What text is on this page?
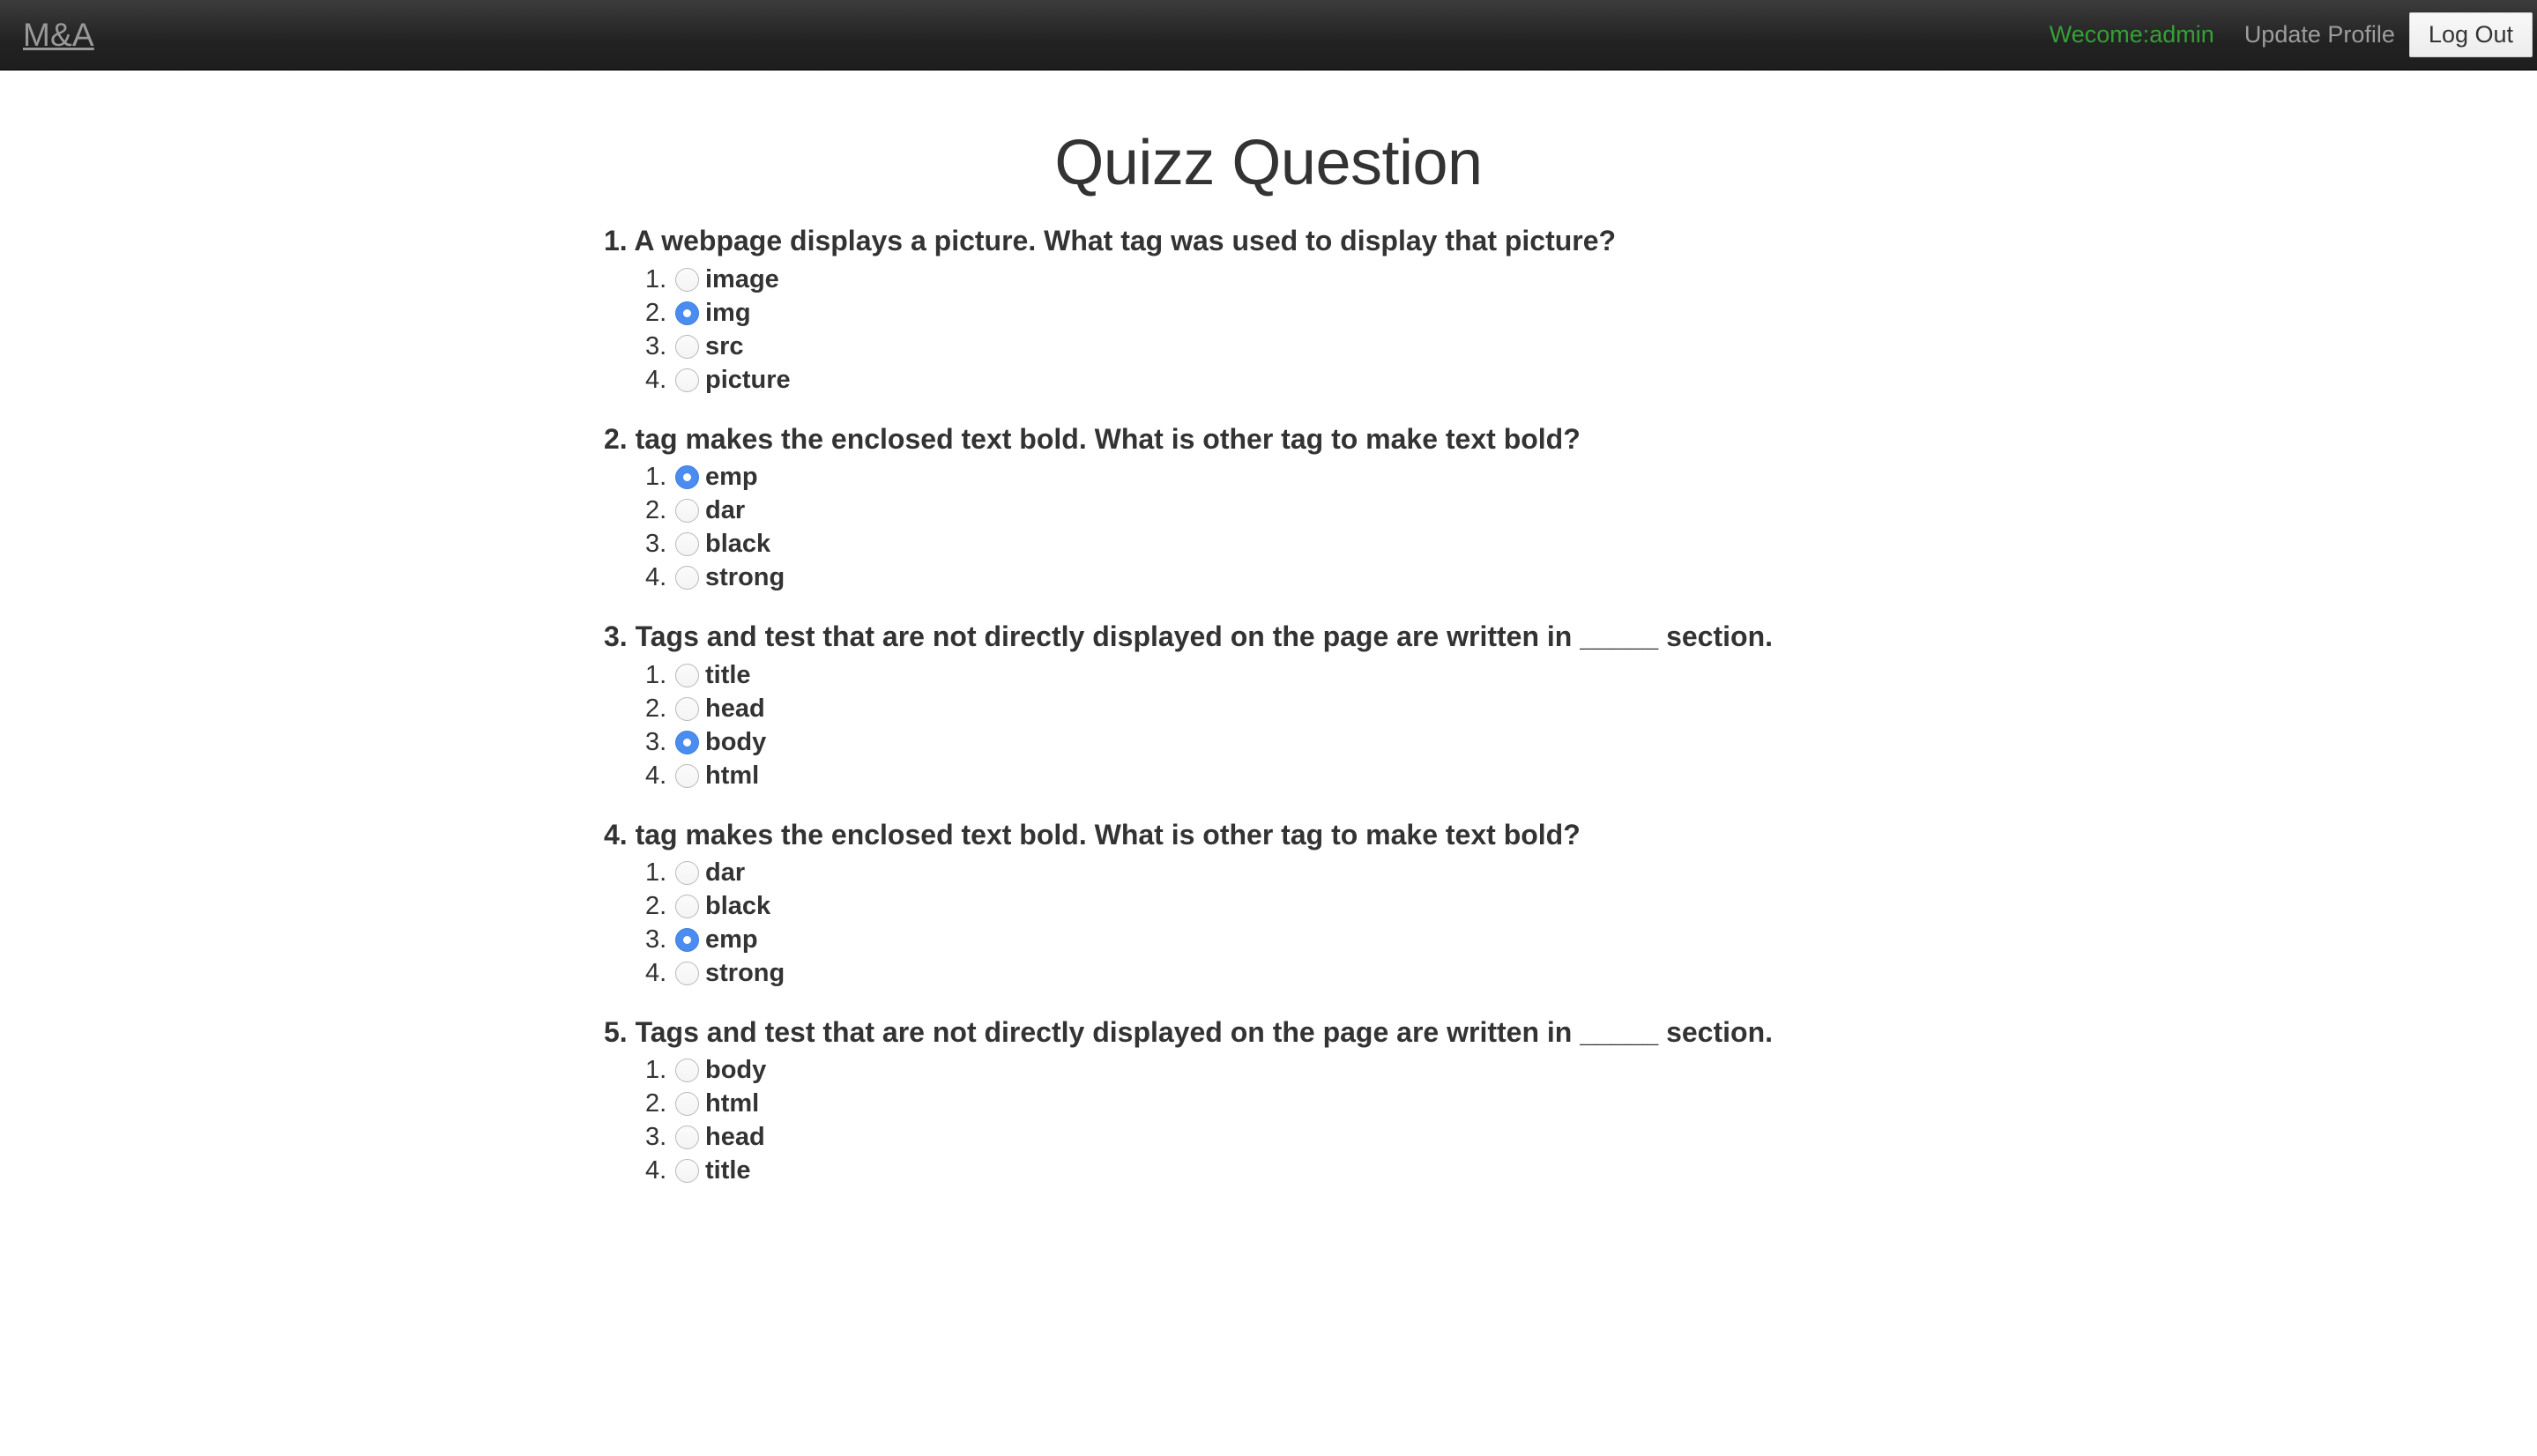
M&A	Wecome:admin	Update Profile	Log Out
Quizz Question
1. A webpage displays a picture. What tag was used to display that picture?
1.	image
2.	img
3.	src
4.	picture
2. tag makes the enclosed text bold. What is other tag to make text bold?
1.	emp
2.	dar
3.	black
4.	strong
3. Tags and test that are not directly displayed on the page are written in _____ section.
1.	title
2.	head
3.	body
4.	html
4. tag makes the enclosed text bold. What is other tag to make text bold?
1.	dar
2.	black
3.	emp
4.	strong
5. Tags and test that are not directly displayed on the page are written in _____ section.
1.	body
2.	html
3.	head
4.	title
